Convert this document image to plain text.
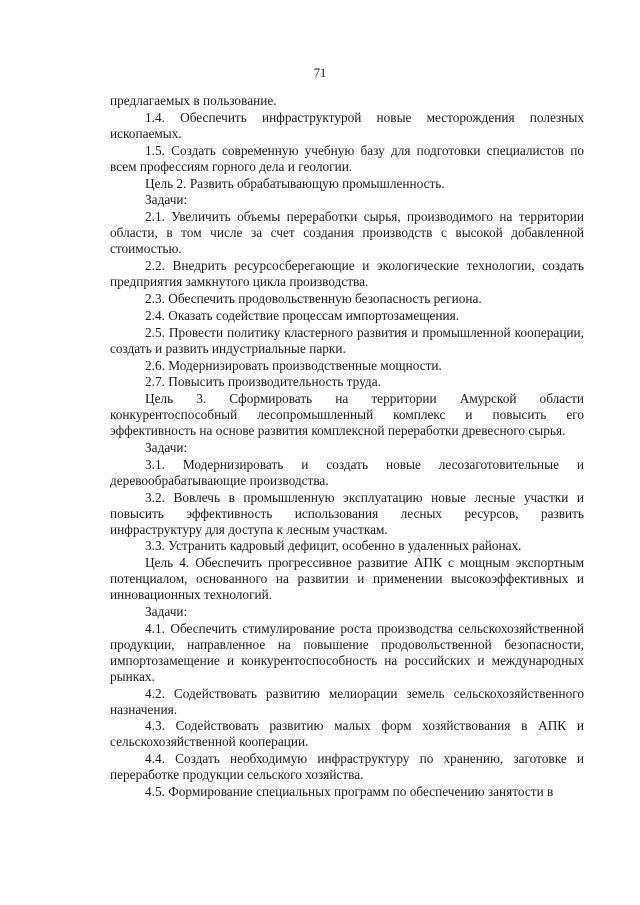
71

предлагаемых в пользование.

1.4. Обеспечить инфраструктурой новые месторождения полезных ископаемых.

1.5. Создать современную учебную базу для подготовки специалистов по всем профессиям горного дела и геологии.

Цель 2. Развить обрабатывающую промышленность.

Задачи:

2.1. Увеличить объемы переработки сырья, производимого на территории области, в том числе за счет создания производств с высокой добавленной стоимостью.

2.2. Внедрить ресурсосберегающие и экологические технологии, создать предприятия замкнутого цикла производства.

2.3. Обеспечить продовольственную безопасность региона.

2.4. Оказать содействие процессам импортозамещения.

2.5. Провести политику кластерного развития и промышленной кооперации, создать и развить индустриальные парки.

2.6. Модернизировать производственные мощности.

2.7. Повысить производительность труда.

Цель 3. Сформировать на территории Амурской области конкурентоспособный лесопромышленный комплекс и повысить его эффективность на основе развития комплексной переработки древесного сырья.

Задачи:

3.1. Модернизировать и создать новые лесозаготовительные и деревообрабатывающие производства.

3.2. Вовлечь в промышленную эксплуатацию новые лесные участки и повысить эффективность использования лесных ресурсов, развить инфраструктуру для доступа к лесным участкам.

3.3. Устранить кадровый дефицит, особенно в удаленных районах.

Цель 4. Обеспечить прогрессивное развитие АПК с мощным экспортным потенциалом, основанного на развитии и применении высокоэффективных и инновационных технологий.

Задачи:

4.1. Обеспечить стимулирование роста производства сельскохозяйственной продукции, направленное на повышение продовольственной безопасности, импортозамещение и конкурентоспособность на российских и международных рынках.

4.2. Содействовать развитию мелиорации земель сельскохозяйственного назначения.

4.3. Содействовать развитию малых форм хозяйствования в АПК и сельскохозяйственной кооперации.

4.4. Создать необходимую инфраструктуру по хранению, заготовке и переработке продукции сельского хозяйства.

4.5. Формирование специальных программ по обеспечению занятости в
